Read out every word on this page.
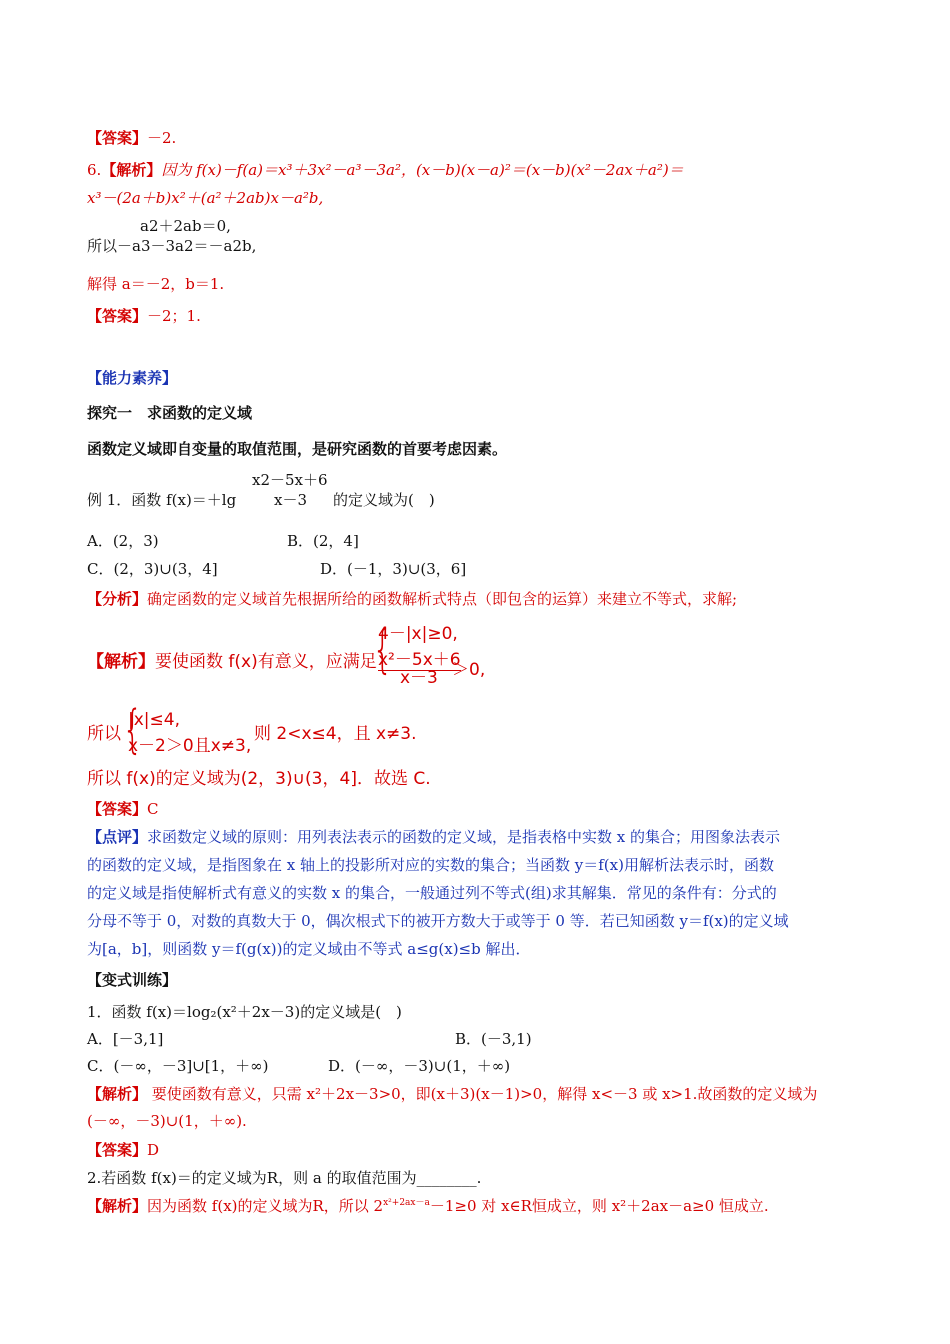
【答案】－2.
6.【解析】因为 f(x)－f(a)＝x³＋3x²－a³－3a²，(x－b)(x－a)²＝(x－b)(x²－2ax＋a²)＝
x³－(2a＋b)x²＋(a²＋2ab)x－a²b,
a2＋2ab＝0,
所以－a3－3a2＝－a2b,
解得 a＝－2，b＝1.
【答案】－2；1.
【能力素养】
探究一　求函数的定义域
函数定义域即自变量的取值范围，是研究函数的首要考虑因素。
x2－5x＋6
例 1．函数 f(x)＝＋lg	x－3 的定义域为(　)
A．(2，3)	B．(2，4]
C．(2，3)∪(3，4]	D．(－1，3)∪(3，6]
【分析】确定函数的定义域首先根据所给的函数解析式特点（即包含的运算）来建立不等式，求解;
【解析】要使函数 f(x)有意义，应满足
{
4－|x|≥0,
x²－5x＋6
x－3 ＞0,
所以 {
|x|≤4,
x－2＞0且x≠3,
则 2<x≤4，且 x≠3.
所以 f(x)的定义域为(2，3)∪(3，4]．故选 C.
【答案】C
【点评】求函数定义域的原则：用列表法表示的函数的定义域，是指表格中实数 x 的集合；用图象法表示
的函数的定义域，是指图象在 x 轴上的投影所对应的实数的集合；当函数 y＝f(x)用解析法表示时，函数
的定义域是指使解析式有意义的实数 x 的集合，一般通过列不等式(组)求其解集．常见的条件有：分式的
分母不等于 0，对数的真数大于 0，偶次根式下的被开方数大于或等于 0 等．若已知函数 y＝f(x)的定义域
为[a，b]，则函数 y＝f(g(x))的定义域由不等式 a≤g(x)≤b 解出．
【变式训练】
1．函数 f(x)＝log₂(x²＋2x－3)的定义域是(　)
A．[－3,1]	B．(－3,1)
C．(－∞，－3]∪[1，＋∞)	D．(－∞，－3)∪(1，＋∞)
【解析】 要使函数有意义，只需 x²＋2x－3>0，即(x＋3)(x－1)>0，解得 x<－3 或 x>1.故函数的定义域为
(－∞，－3)∪(1，＋∞).
【答案】D
2.若函数 f(x)＝的定义域为R，则 a 的取值范围为________.
【解析】因为函数 f(x)的定义域为R，所以 $2^{x^2+2ax-a}-1\ge 0$ 对 x∈R恒成立，则 x²＋2ax－a≥0 恒成立.
